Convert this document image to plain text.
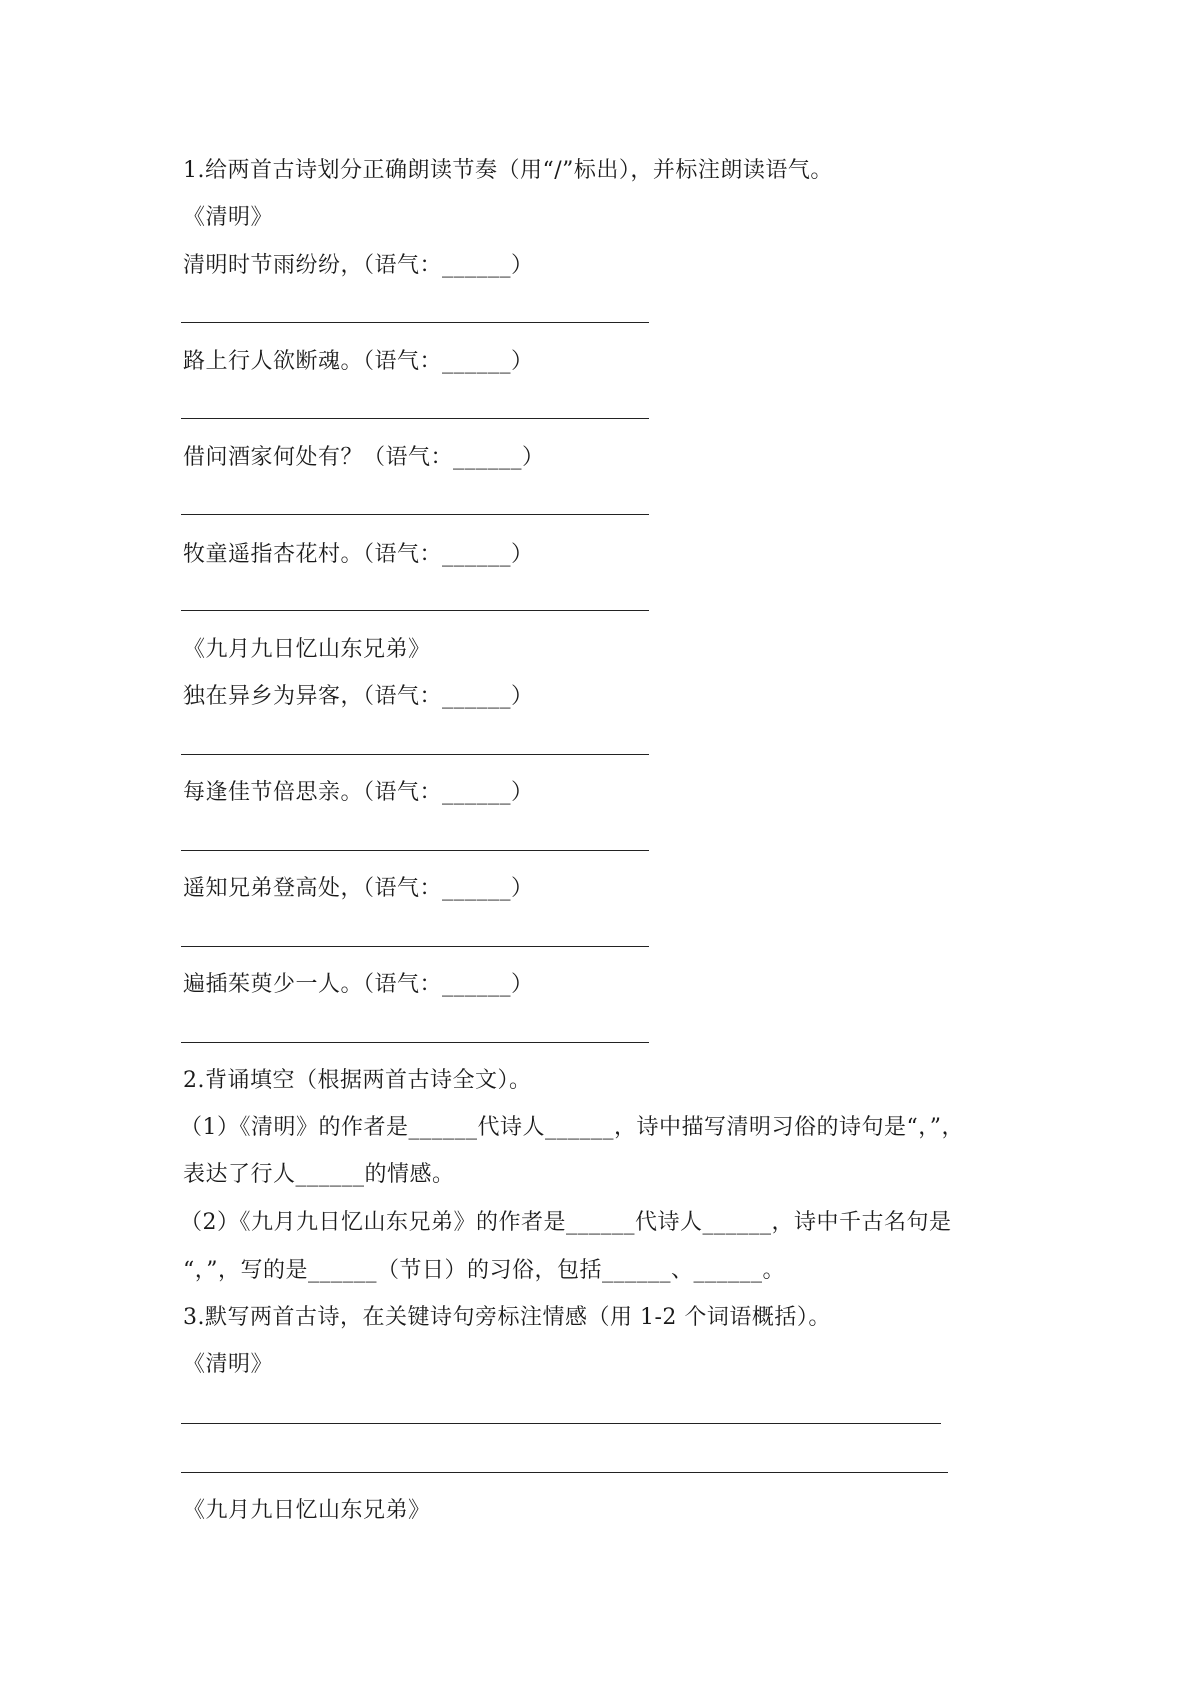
1.给两首古诗划分正确朗读节奏（用“/”标出），并标注朗读语气。
《清明》
清明时节雨纷纷，（语气：______）
路上行人欲断魂。（语气：______）
借问酒家何处有？（语气：______）
牧童遥指杏花村。（语气：______）
《九月九日忆山东兄弟》
独在异乡为异客，（语气：______）
每逢佳节倍思亲。（语气：______）
遥知兄弟登高处，（语气：______）
遍插茱萸少一人。（语气：______）
2.背诵填空（根据两首古诗全文）。
（1）《清明》的作者是______代诗人______，诗中描写清明习俗的诗句是“，”，
表达了行人______的情感。
（2）《九月九日忆山东兄弟》的作者是______代诗人______，诗中千古名句是
“，”，写的是______（节日）的习俗，包括______、______。
3.默写两首古诗，在关键诗句旁标注情感（用 1-2 个词语概括）。
《清明》
《九月九日忆山东兄弟》
